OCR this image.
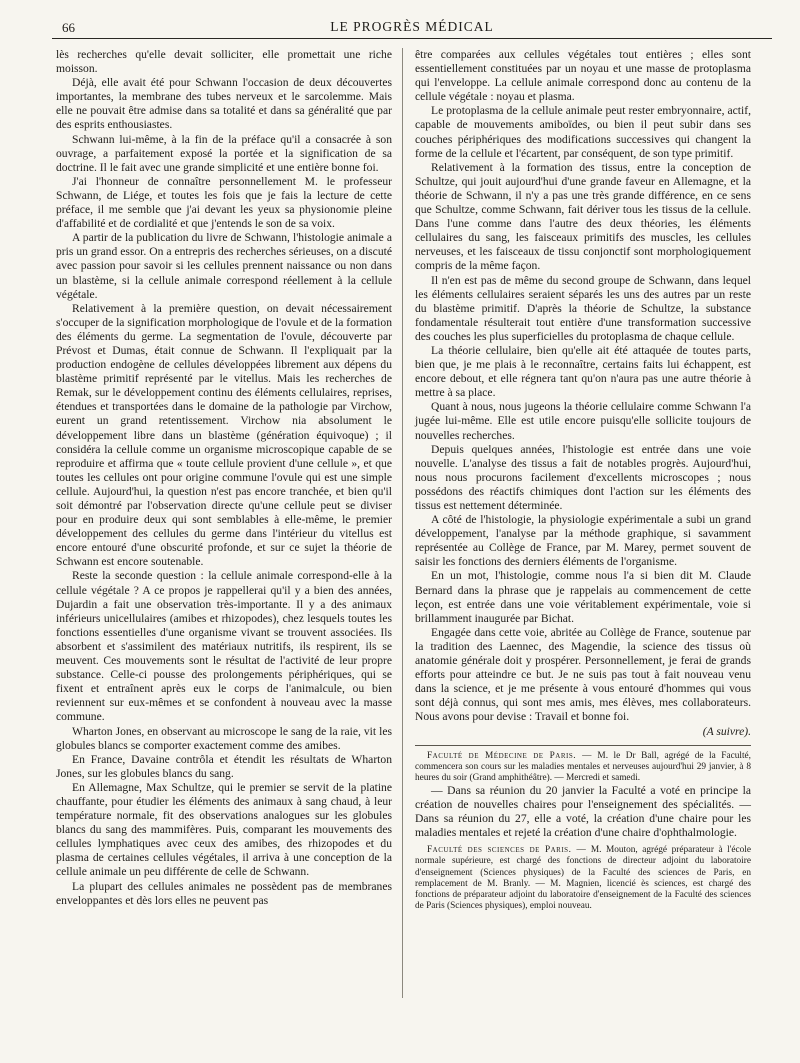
66	LE PROGRÈS MÉDICAL

lès recherches qu'elle devait solliciter, elle promettait une riche moisson.

Déjà, elle avait été pour Schwann l'occasion de deux découvertes importantes, la membrane des tubes nerveux et le sarcolemme. Mais elle ne pouvait être admise dans sa totalité et dans sa généralité que par des esprits enthousiastes.

Schwann lui-même, à la fin de la préface qu'il a consacrée à son ouvrage, a parfaitement exposé la portée et la signification de sa doctrine. Il le fait avec une grande simplicité et une entière bonne foi.

J'ai l'honneur de connaître personnellement M. le professeur Schwann, de Liége, et toutes les fois que je fais la lecture de cette préface, il me semble que j'ai devant les yeux sa physionomie pleine d'affabilité et de cordialité et que j'entends le son de sa voix.

A partir de la publication du livre de Schwann, l'histologie animale a pris un grand essor. On a entrepris des recherches sérieuses, on a discuté avec passion pour savoir si les cellules prennent naissance ou non dans un blastème, si la cellule animale correspond réellement à la cellule végétale.

Relativement à la première question, on devait nécessairement s'occuper de la signification morphologique de l'ovule et de la formation des éléments du germe. La segmentation de l'ovule, découverte par Prévost et Dumas, était connue de Schwann. Il l'expliquait par la production endogène de cellules développées librement aux dépens du blastème primitif représenté par le vitellus. Mais les recherches de Remak, sur le développement continu des éléments cellulaires, reprises, étendues et transportées dans le domaine de la pathologie par Virchow, eurent un grand retentissement. Virchow nia absolument le développement libre dans un blastème (génération équivoque) ; il considéra la cellule comme un organisme microscopique capable de se reproduire et affirma que « toute cellule provient d'une cellule », et que toutes les cellules ont pour origine commune l'ovule qui est une simple cellule. Aujourd'hui, la question n'est pas encore tranchée, et bien qu'il soit démontré par l'observation directe qu'une cellule peut se diviser pour en produire deux qui sont semblables à elle-même, le premier développement des cellules du germe dans l'intérieur du vitellus est encore entouré d'une obscurité profonde, et sur ce sujet la théorie de Schwann est encore soutenable.

Reste la seconde question : la cellule animale correspond-elle à la cellule végétale ? A ce propos je rappellerai qu'il y a bien des années, Dujardin a fait une observation très-importante. Il y a des animaux inférieurs unicellulaires (amibes et rhizopodes), chez lesquels toutes les fonctions essentielles d'une organisme vivant se trouvent associées. Ils absorbent et s'assimilent des matériaux nutritifs, ils respirent, ils se meuvent. Ces mouvements sont le résultat de l'activité de leur propre substance. Celle-ci pousse des prolongements périphériques, qui se fixent et entraînent après eux le corps de l'animalcule, ou bien reviennent sur eux-mêmes et se confondent à nouveau avec la masse commune.

Wharton Jones, en observant au microscope le sang de la raie, vit les globules blancs se comporter exactement comme des amibes.

En France, Davaine contrôla et étendit les résultats de Wharton Jones, sur les globules blancs du sang.

En Allemagne, Max Schultze, qui le premier se servit de la platine chauffante, pour étudier les éléments des animaux à sang chaud, à leur température normale, fit des observations analogues sur les globules blancs du sang des mammifères. Puis, comparant les mouvements des cellules lymphatiques avec ceux des amibes, des rhizopodes et du plasma de certaines cellules végétales, il arriva à une conception de la cellule animale un peu différente de celle de Schwann.

La plupart des cellules animales ne possèdent pas de membranes enveloppantes et dès lors elles ne peuvent pas

être comparées aux cellules végétales tout entières ; elles sont essentiellement constituées par un noyau et une masse de protoplasma qui l'enveloppe. La cellule animale correspond donc au contenu de la cellule végétale : noyau et plasma.

Le protoplasma de la cellule animale peut rester embryonnaire, actif, capable de mouvements amiboïdes, ou bien il peut subir dans ses couches périphériques des modifications successives qui changent la forme de la cellule et l'écartent, par conséquent, de son type primitif.

Relativement à la formation des tissus, entre la conception de Schultze, qui jouit aujourd'hui d'une grande faveur en Allemagne, et la théorie de Schwann, il n'y a pas une très grande différence, en ce sens que Schultze, comme Schwann, fait dériver tous les tissus de la cellule. Dans l'une comme dans l'autre des deux théories, les éléments cellulaires du sang, les faisceaux primitifs des muscles, les cellules nerveuses, et les faisceaux de tissu conjonctif sont morphologiquement compris de la même façon.

Il n'en est pas de même du second groupe de Schwann, dans lequel les éléments cellulaires seraient séparés les uns des autres par un reste du blastème primitif. D'après la théorie de Schultze, la substance fondamentale résulterait tout entière d'une transformation successive des couches les plus superficielles du protoplasma de chaque cellule.

La théorie cellulaire, bien qu'elle ait été attaquée de toutes parts, bien que, je me plais à le reconnaître, certains faits lui échappent, est encore debout, et elle régnera tant qu'on n'aura pas une autre théorie à mettre à sa place.

Quant à nous, nous jugeons la théorie cellulaire comme Schwann l'a jugée lui-même. Elle est utile encore puisqu'elle sollicite toujours de nouvelles recherches.

Depuis quelques années, l'histologie est entrée dans une voie nouvelle. L'analyse des tissus a fait de notables progrès. Aujourd'hui, nous nous procurons facilement d'excellents microscopes ; nous possédons des réactifs chimiques dont l'action sur les éléments des tissus est nettement déterminée.

A côté de l'histologie, la physiologie expérimentale a subi un grand développement, l'analyse par la méthode graphique, si savamment représentée au Collège de France, par M. Marey, permet souvent de saisir les fonctions des derniers éléments de l'organisme.

En un mot, l'histologie, comme nous l'a si bien dit M. Claude Bernard dans la phrase que je rappelais au commencement de cette leçon, est entrée dans une voie véritablement expérimentale, voie si brillamment inaugurée par Bichat.

Engagée dans cette voie, abritée au Collège de France, soutenue par la tradition des Laennec, des Magendie, la science des tissus où anatomie générale doit y prospérer. Personnellement, je ferai de grands efforts pour atteindre ce but. Je ne suis pas tout à fait nouveau venu dans la science, et je me présente à vous entouré d'hommes qui vous sont déjà connus, qui sont mes amis, mes élèves, mes collaborateurs. Nous avons pour devise : Travail et bonne foi.

(A suivre).

Faculté de Médecine de Paris. — M. le Dr Ball, agrégé de la Faculté, commencera son cours sur les maladies mentales et nerveuses aujourd'hui 29 janvier, à 8 heures du soir (Grand amphithéâtre). — Mercredi et samedi.

— Dans sa réunion du 20 janvier la Faculté a voté en principe la création de nouvelles chaires pour l'enseignement des spécialités. — Dans sa réunion du 27, elle a voté, la création d'une chaire pour les maladies mentales et rejeté la création d'une chaire d'ophthalmologie.

Faculté des sciences de Paris. — M. Mouton, agrégé préparateur à l'école normale supérieure, est chargé des fonctions de directeur adjoint du laboratoire d'enseignement (Sciences physiques) de la Faculté des sciences de Paris, en remplacement de M. Branly. — M. Magnien, licencié ès sciences, est chargé des fonctions de préparateur adjoint du laboratoire d'enseignement de la Faculté des sciences de Paris (Sciences physiques), emploi nouveau.
